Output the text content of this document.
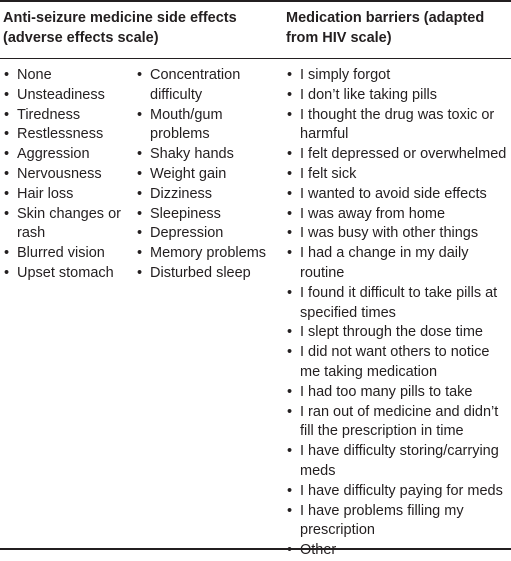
Anti-seizure medicine side effects (adverse effects scale)
Medication barriers (adapted from HIV scale)
• None
• Unsteadiness
• Tiredness
• Restlessness
• Aggression
• Nervousness
• Hair loss
• Skin changes or rash
• Blurred vision
• Upset stomach
• Concentration difficulty
• Mouth/gum problems
• Shaky hands
• Weight gain
• Dizziness
• Sleepiness
• Depression
• Memory problems
• Disturbed sleep
• I simply forgot
• I don’t like taking pills
• I thought the drug was toxic or harmful
• I felt depressed or overwhelmed
• I felt sick
• I wanted to avoid side effects
• I was away from home
• I was busy with other things
• I had a change in my daily routine
• I found it difficult to take pills at specified times
• I slept through the dose time
• I did not want others to notice me taking medication
• I had too many pills to take
• I ran out of medicine and didn’t fill the prescription in time
• I have difficulty storing/carrying meds
• I have difficulty paying for meds
• I have problems filling my prescription
• Other
